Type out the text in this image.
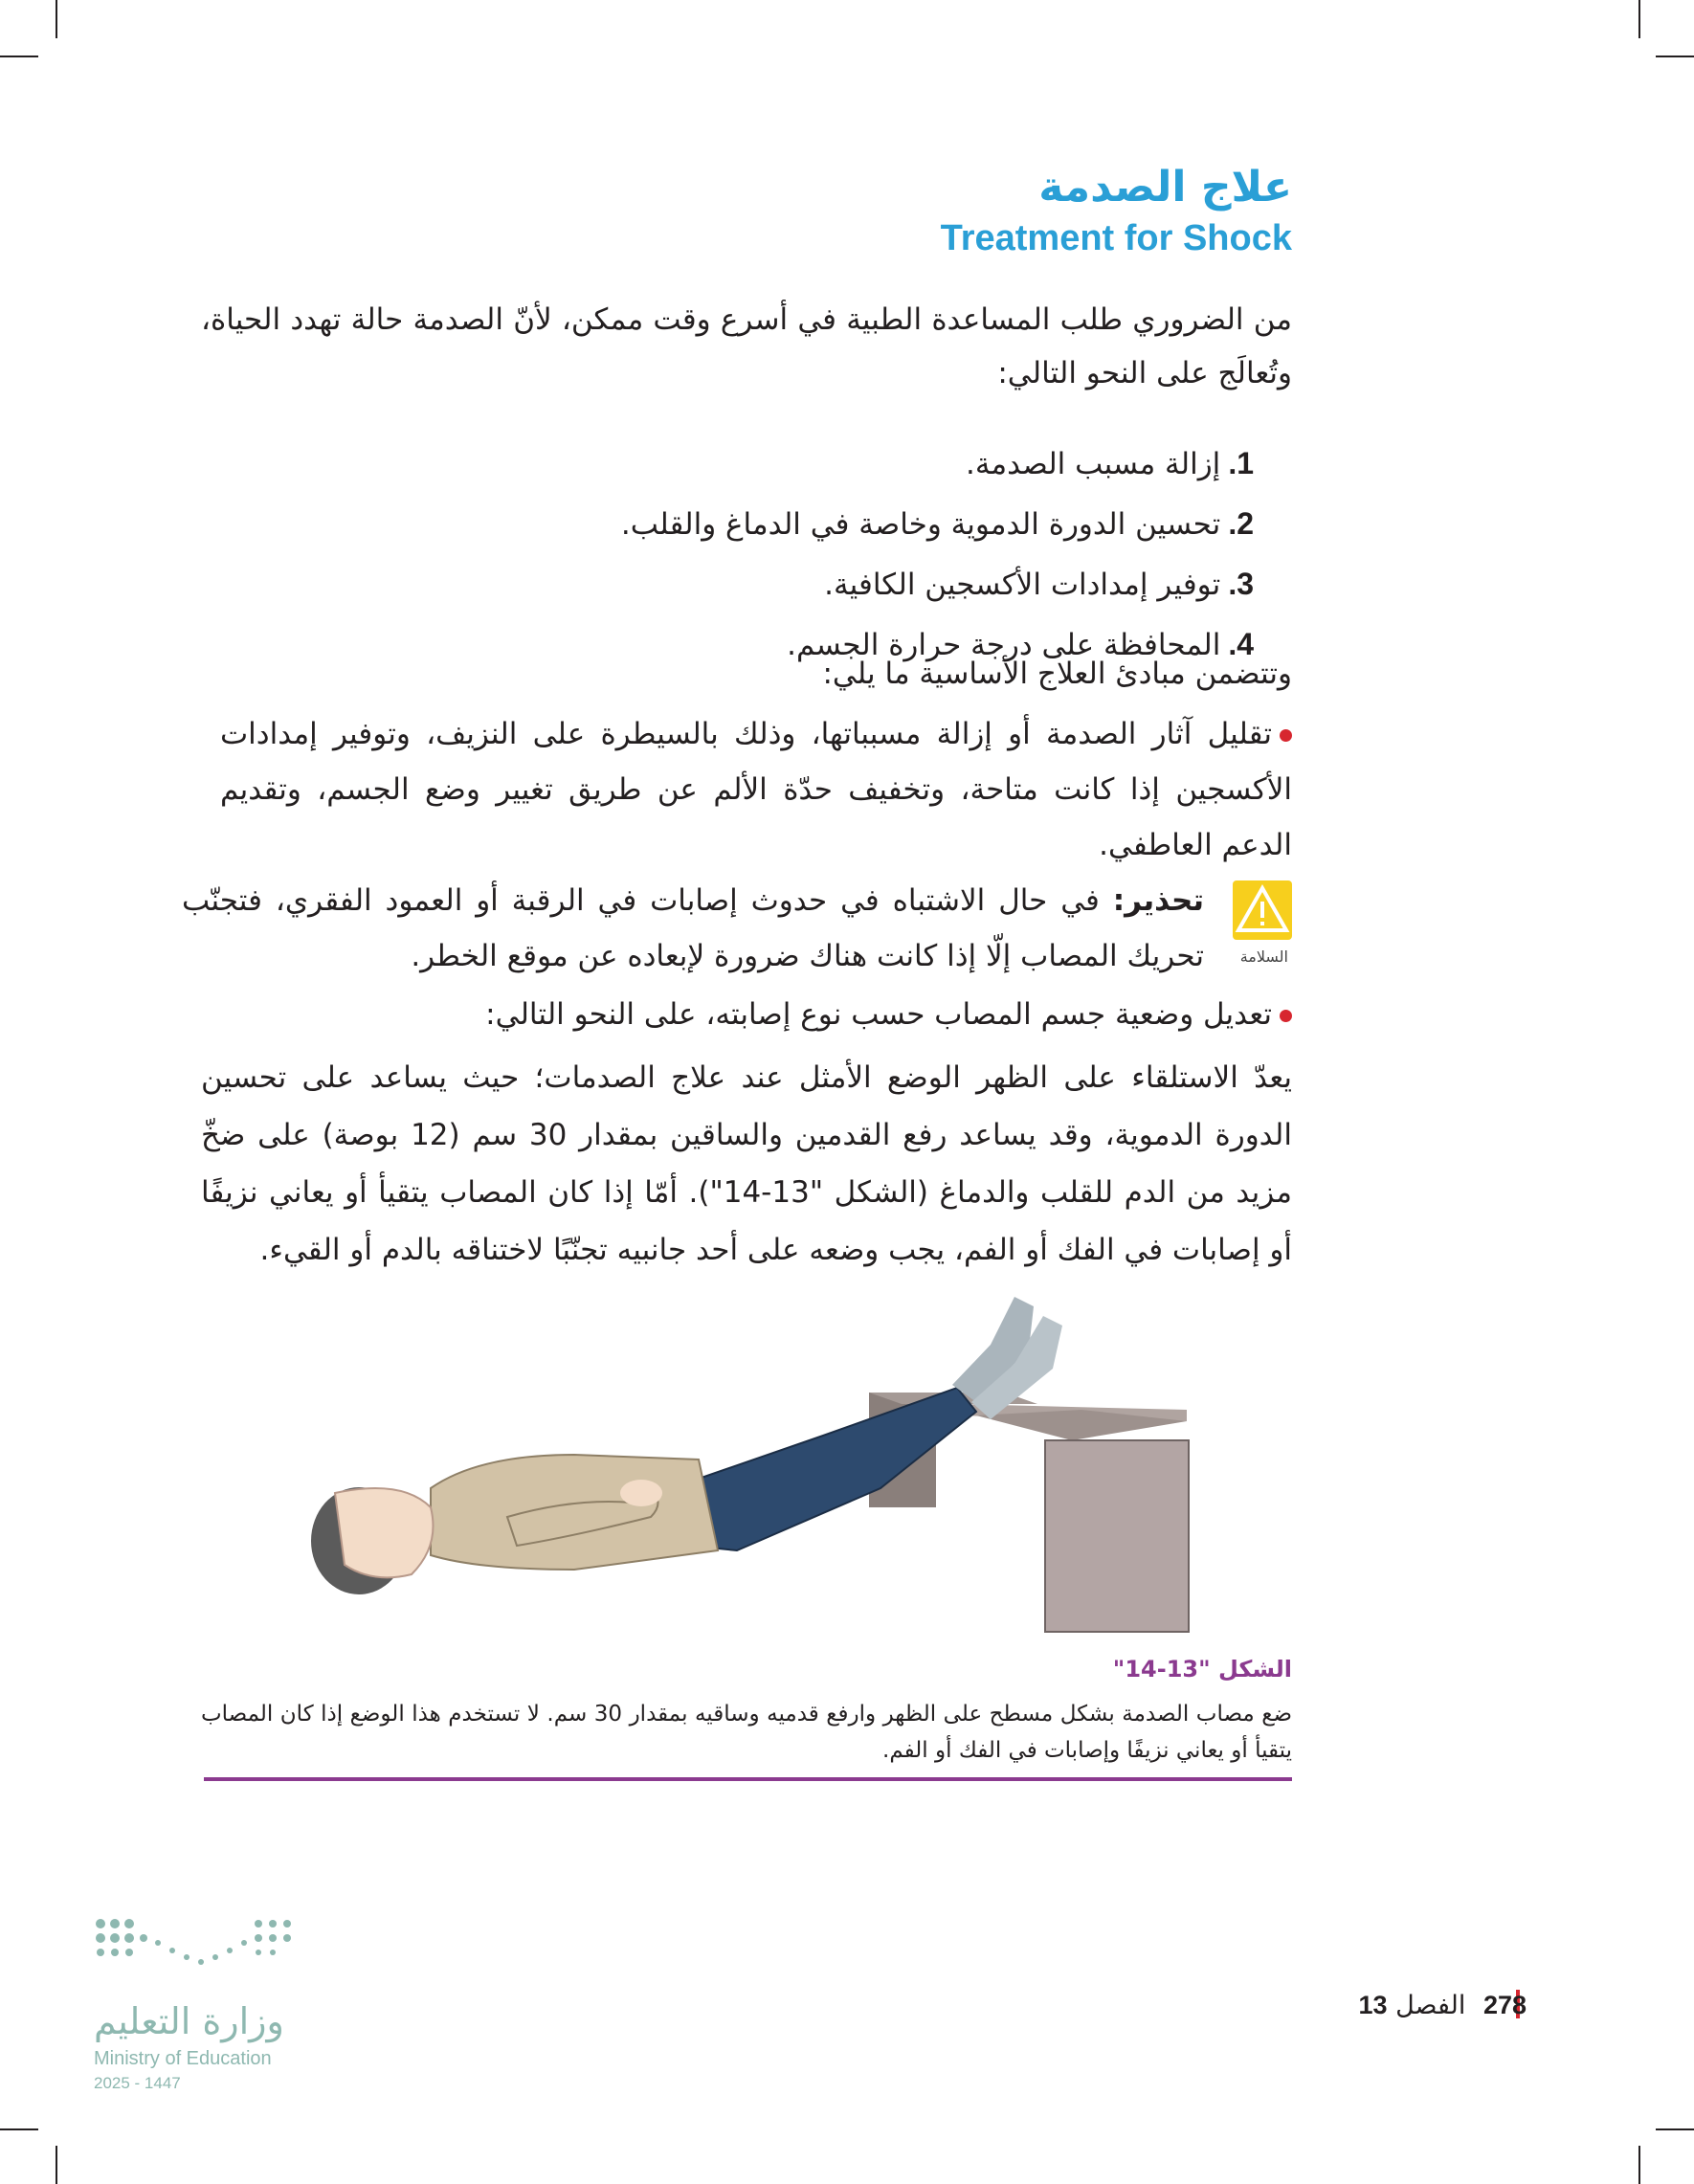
علاج الصدمة
Treatment for Shock
من الضروري طلب المساعدة الطبية في أسرع وقت ممكن، لأنّ الصدمة حالة تهدد الحياة، وتُعالَج على النحو التالي:
1.إزالة مسبب الصدمة.
2.تحسين الدورة الدموية وخاصة في الدماغ والقلب.
3.توفير إمدادات الأكسجين الكافية.
4.المحافظة على درجة حرارة الجسم.
وتتضمن مبادئ العلاج الأساسية ما يلي:
تقليل آثار الصدمة أو إزالة مسبباتها، وذلك بالسيطرة على النزيف، وتوفير إمدادات الأكسجين إذا كانت متاحة، وتخفيف حدّة الألم عن طريق تغيير وضع الجسم، وتقديم الدعم العاطفي.
السلامة
تحذير: في حال الاشتباه في حدوث إصابات في الرقبة أو العمود الفقري، فتجنّب تحريك المصاب إلّا إذا كانت هناك ضرورة لإبعاده عن موقع الخطر.
تعديل وضعية جسم المصاب حسب نوع إصابته، على النحو التالي:
يعدّ الاستلقاء على الظهر الوضع الأمثل عند علاج الصدمات؛ حيث يساعد على تحسين الدورة الدموية، وقد يساعد رفع القدمين والساقين بمقدار 30 سم (12 بوصة) على ضخّ مزيد من الدم للقلب والدماغ (الشكل "13-14"). أمّا إذا كان المصاب يتقيأ أو يعاني نزيفًا أو إصابات في الفك أو الفم، يجب وضعه على أحد جانبيه تجنّبًا لاختناقه بالدم أو القيء.
الشكل "13-14"
ضع مصاب الصدمة بشكل مسطح على الظهر وارفع قدميه وساقيه بمقدار 30 سم. لا تستخدم هذا الوضع إذا كان المصاب يتقيأ أو يعاني نزيفًا وإصابات في الفك أو الفم.
وزارة التعليم
Ministry of Education
2025 - 1447
278 الفصل 13
